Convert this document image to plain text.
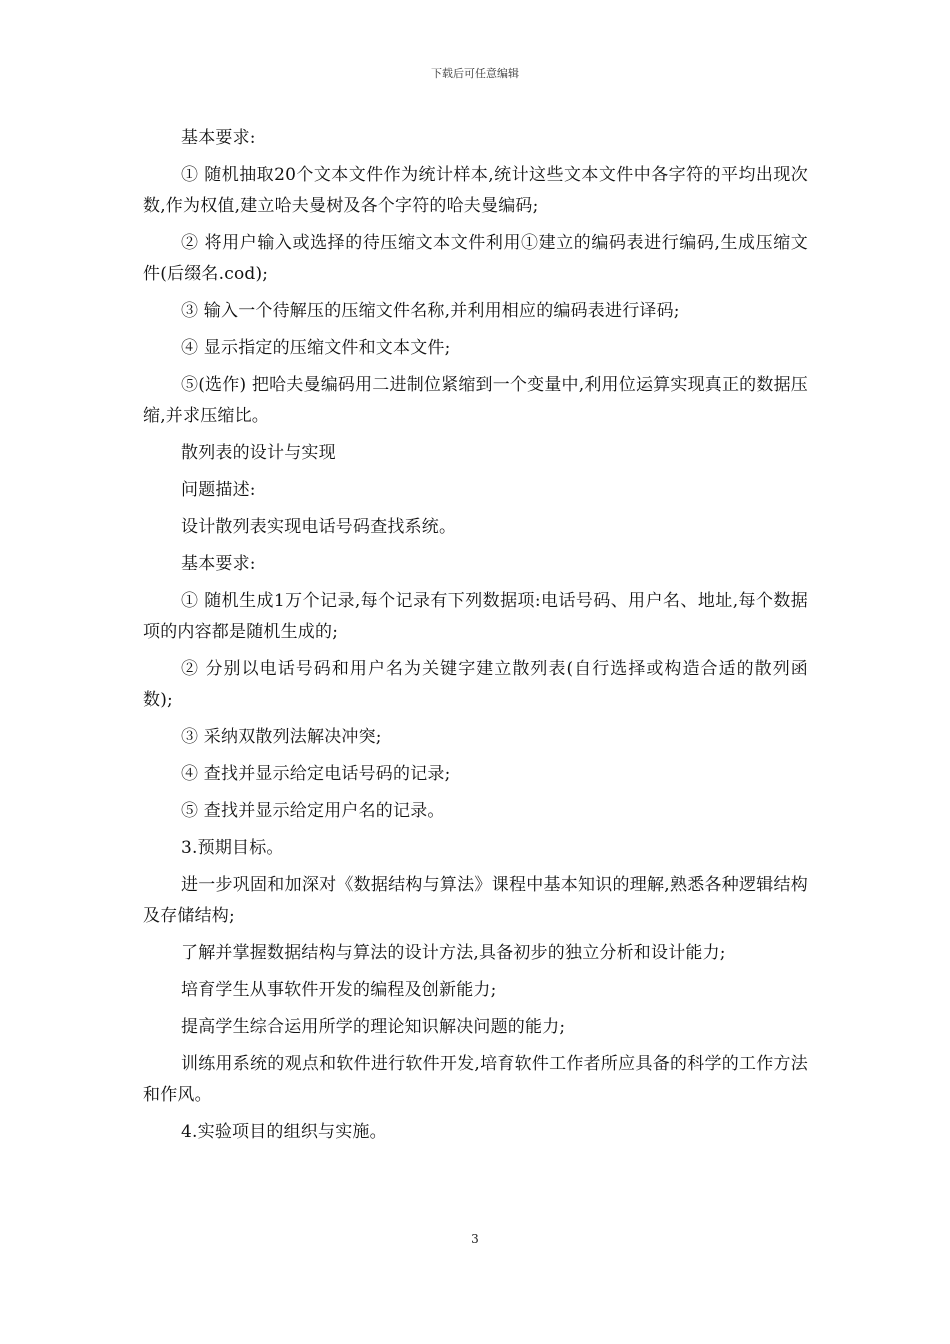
下载后可任意编辑

基本要求:

① 随机抽取20个文本文件作为统计样本,统计这些文本文件中各字符的平均出现次数,作为权值,建立哈夫曼树及各个字符的哈夫曼编码;

② 将用户输入或选择的待压缩文本文件利用①建立的编码表进行编码,生成压缩文件(后缀名.cod);

③ 输入一个待解压的压缩文件名称,并利用相应的编码表进行译码;

④ 显示指定的压缩文件和文本文件;

⑤(选作) 把哈夫曼编码用二进制位紧缩到一个变量中,利用位运算实现真正的数据压缩,并求压缩比。

散列表的设计与实现

问题描述:

设计散列表实现电话号码查找系统。

基本要求:

① 随机生成1万个记录,每个记录有下列数据项:电话号码、用户名、地址,每个数据项的内容都是随机生成的;

② 分别以电话号码和用户名为关键字建立散列表(自行选择或构造合适的散列函数);

③ 采纳双散列法解决冲突;

④ 查找并显示给定电话号码的记录;

⑤ 查找并显示给定用户名的记录。

3.预期目标。

进一步巩固和加深对《数据结构与算法》课程中基本知识的理解,熟悉各种逻辑结构及存储结构;

了解并掌握数据结构与算法的设计方法,具备初步的独立分析和设计能力;

培育学生从事软件开发的编程及创新能力;

提高学生综合运用所学的理论知识解决问题的能力;

训练用系统的观点和软件进行软件开发,培育软件工作者所应具备的科学的工作方法和作风。

4.实验项目的组织与实施。

3
